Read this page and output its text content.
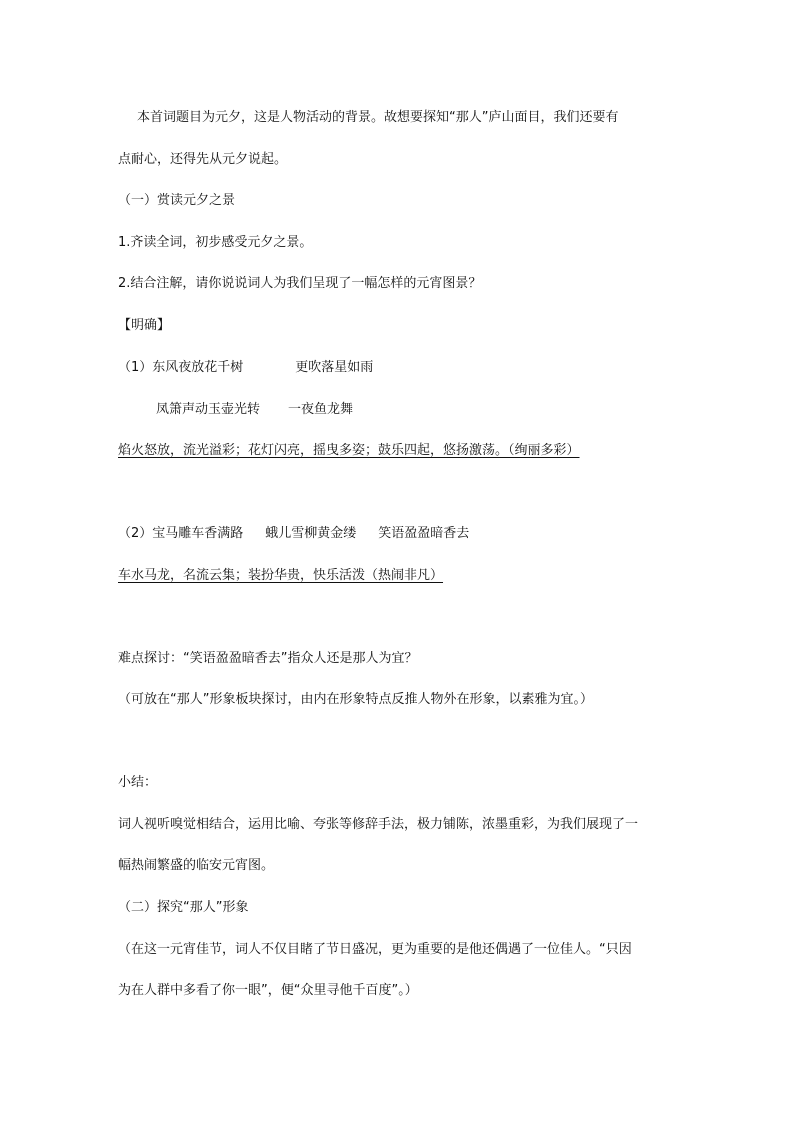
本首词题目为元夕，这是人物活动的背景。故想要探知“那人”庐山面目，我们还要有

点耐心，还得先从元夕说起。

（一）赏读元夕之景

1.齐读全词，初步感受元夕之景。

2.结合注解，请你说说词人为我们呈现了一幅怎样的元宵图景？

【明确】

（1）东风夜放花千树	更吹落星如雨

凤箫声动玉壶光转 一夜鱼龙舞

焰火怒放，流光溢彩；花灯闪亮，摇曳多姿；鼓乐四起，悠扬激荡。（绚丽多彩）

（2）宝马雕车香满路 蛾儿雪柳黄金缕 笑语盈盈暗香去

车水马龙，名流云集；装扮华贵，快乐活泼（热闹非凡）

难点探讨：“笑语盈盈暗香去”指众人还是那人为宜？

（可放在“那人”形象板块探讨，由内在形象特点反推人物外在形象，以素雅为宜。）

小结：

词人视听嗅觉相结合，运用比喻、夸张等修辞手法，极力铺陈，浓墨重彩，为我们展现了一

幅热闹繁盛的临安元宵图。

（二）探究“那人”形象

（在这一元宵佳节，词人不仅目睹了节日盛况，更为重要的是他还偶遇了一位佳人。“只因

为在人群中多看了你一眼”，便“众里寻他千百度”。）
